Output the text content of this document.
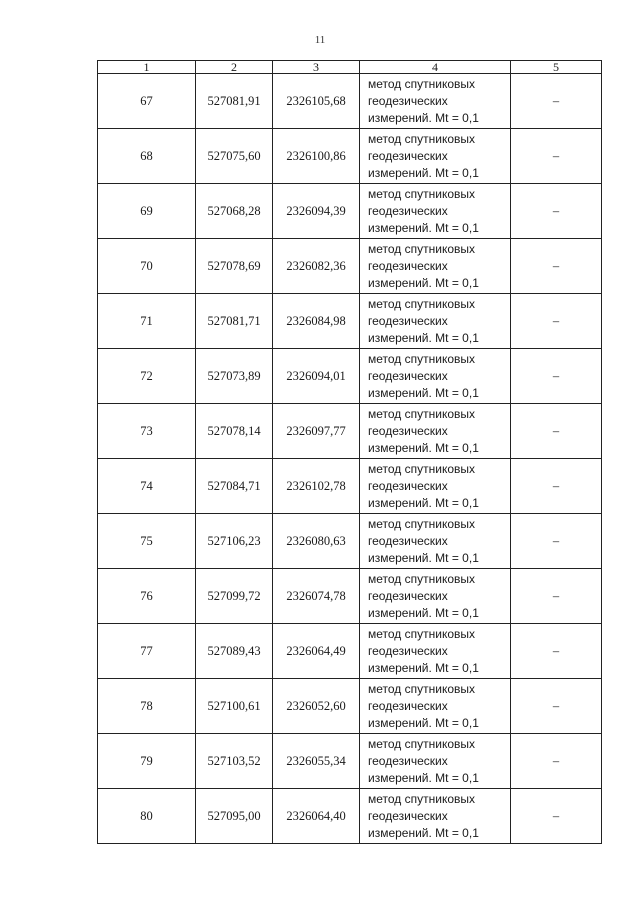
11
1	2	3	4	5
67	527081,91	2326105,68	метод спутниковых
геодезических
измерений. Mt = 0,1	–
68	527075,60	2326100,86	метод спутниковых
геодезических
измерений. Mt = 0,1	–
69	527068,28	2326094,39	метод спутниковых
геодезических
измерений. Mt = 0,1	–
70	527078,69	2326082,36	метод спутниковых
геодезических
измерений. Mt = 0,1	–
71	527081,71	2326084,98	метод спутниковых
геодезических
измерений. Mt = 0,1	–
72	527073,89	2326094,01	метод спутниковых
геодезических
измерений. Mt = 0,1	–
73	527078,14	2326097,77	метод спутниковых
геодезических
измерений. Mt = 0,1	–
74	527084,71	2326102,78	метод спутниковых
геодезических
измерений. Mt = 0,1	–
75	527106,23	2326080,63	метод спутниковых
геодезических
измерений. Mt = 0,1	–
76	527099,72	2326074,78	метод спутниковых
геодезических
измерений. Mt = 0,1	–
77	527089,43	2326064,49	метод спутниковых
геодезических
измерений. Mt = 0,1	–
78	527100,61	2326052,60	метод спутниковых
геодезических
измерений. Mt = 0,1	–
79	527103,52	2326055,34	метод спутниковых
геодезических
измерений. Mt = 0,1	–
80	527095,00	2326064,40	метод спутниковых
геодезических
измерений. Mt = 0,1	–
